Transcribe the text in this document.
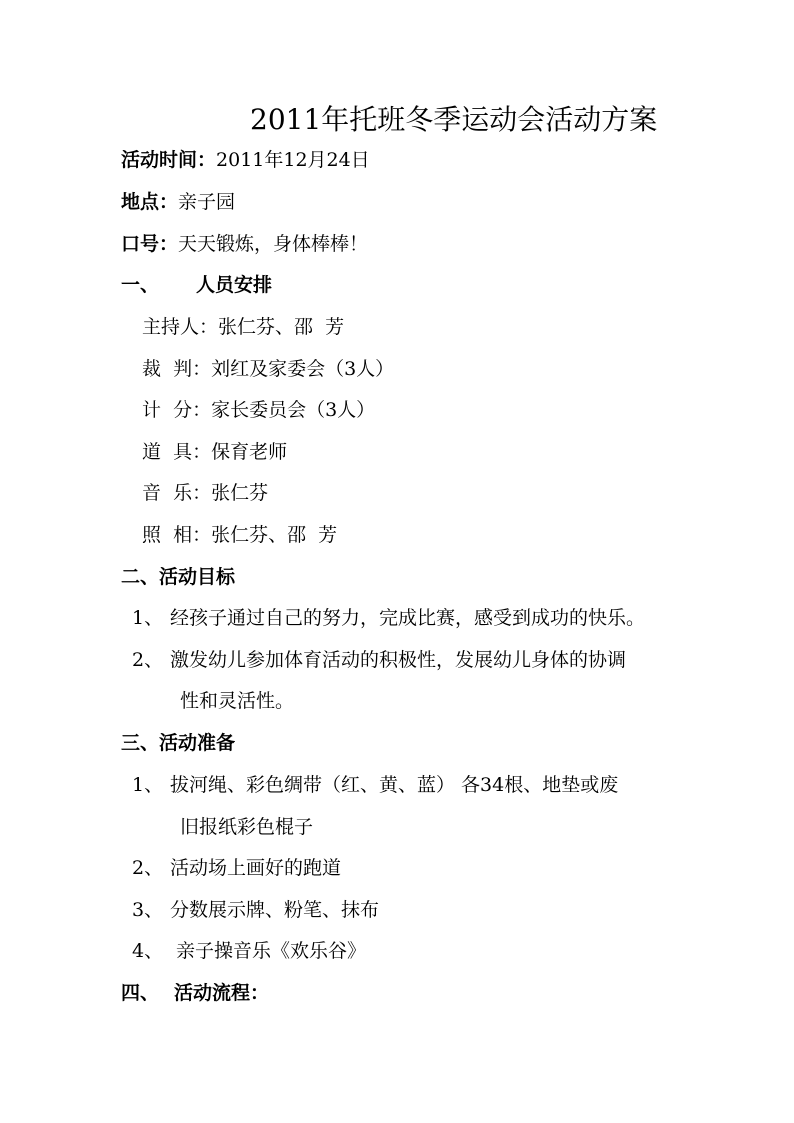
2011年托班冬季运动会活动方案
活动时间：2011年12月24日
地点：亲子园
口号：天天锻炼，身体棒棒！
一、 人员安排
主持人：张仁芬、邵  芳
裁  判：刘红及家委会（3人）
计  分：家长委员会（3人）
道  具：保育老师
音  乐：张仁芬
照  相：张仁芬、邵  芳
二、活动目标
1、 经孩子通过自己的努力，完成比赛，感受到成功的快乐。
2、 激发幼儿参加体育活动的积极性，发展幼儿身体的协调
性和灵活性。
三、活动准备
1、 拔河绳、彩色绸带（红、黄、蓝） 各34根、地垫或废
旧报纸彩色棍子
2、 活动场上画好的跑道
3、 分数展示牌、粉笔、抹布
4、 亲子操音乐《欢乐谷》
四、 活动流程：
